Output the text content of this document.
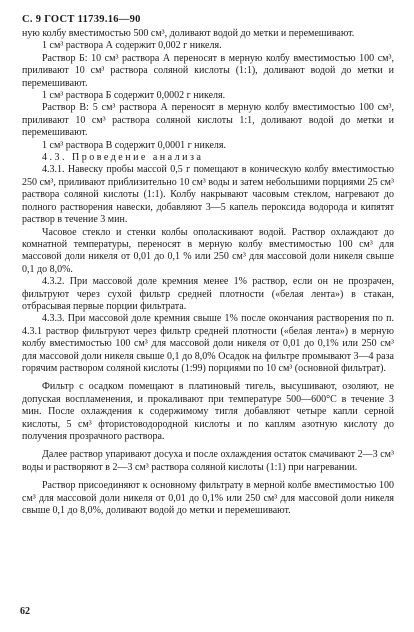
С. 9 ГОСТ 11739.16—90

ную колбу вместимостью 500 см³, доливают водой до метки и перемешивают.

1 см³ раствора А содержит 0,002 г никеля.

Раствор Б: 10 см³ раствора А переносят в мерную колбу вместимостью 100 см³, приливают 10 см³ раствора соляной кислоты (1:1), доливают водой до метки и перемешивают.

1 см³ раствора Б содержит 0,0002 г никеля.

Раствор В: 5 см³ раствора А переносят в мерную колбу вместимостью 100 см³, приливают 10 см³ раствора соляной кислоты 1:1, доливают водой до метки и перемешивают.

1 см³ раствора В содержит 0,0001 г никеля.

4.3. Проведение анализа

4.3.1. Навеску пробы массой 0,5 г помещают в коническую колбу вместимостью 250 см³, приливают приблизительно 10 см³ воды и затем небольшими порциями 25 см³ раствора соляной кислоты (1:1). Колбу накрывают часовым стеклом, нагревают до полного растворения навески, добавляют 3—5 капель пероксида водорода и кипятят раствор в течение 3 мин.

Часовое стекло и стенки колбы ополаскивают водой. Раствор охлаждают до комнатной температуры, переносят в мерную колбу вместимостью 100 см³ для массовой доли никеля от 0,01 до 0,1 % или 250 см³ для массовой доли никеля свыше 0,1 до 8,0%.

4.3.2. При массовой доле кремния менее 1% раствор, если он не прозрачен, фильтруют через сухой фильтр средней плотности («белая лента») в стакан, отбрасывая первые порции фильтрата.

4.3.3. При массовой доле кремния свыше 1% после окончания растворения по п. 4.3.1 раствор фильтруют через фильтр средней плотности («белая лента») в мерную колбу вместимостью 100 см³ для массовой доли никеля от 0,01 до 0,1% или 250 см³ для массовой доли никеля свыше 0,1 до 8,0% Осадок на фильтре промывают 3—4 раза горячим раствором соляной кислоты (1:99) порциями по 10 см³ (основной фильтрат).

Фильтр с осадком помещают в платиновый тигель, высушивают, озоляют, не допуская воспламенения, и прокаливают при температуре 500—600°С в течение 3 мин. После охлаждения к содержимому тигля добавляют четыре капли серной кислоты, 5 см³ фтористоводородной кислоты и по каплям азотную кислоту до получения прозрачного раствора.

Далее раствор упаривают досуха и после охлаждения остаток смачивают 2—3 см³ воды и растворяют в 2—3 см³ раствора соляной кислоты (1:1) при нагревании.

Раствор присоединяют к основному фильтрату в мерной колбе вместимостью 100 см³ для массовой доли никеля от 0,01 до 0,1% или 250 см³ для массовой доли никеля свыше 0,1 до 8,0%, доливают водой до метки и перемешивают.

62
